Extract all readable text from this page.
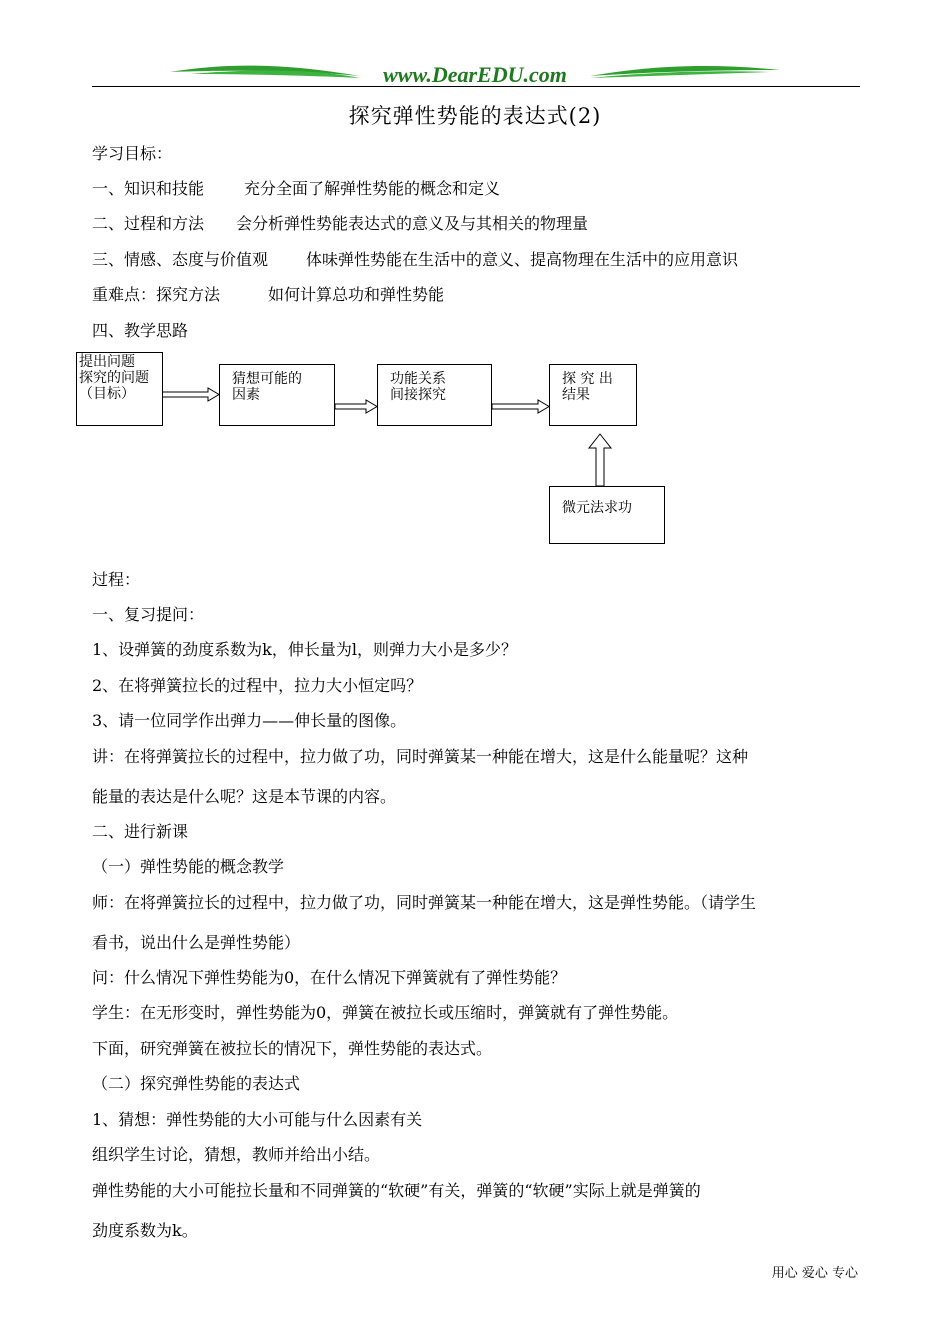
www.DearEDU.com
探究弹性势能的表达式(2)
学习目标：
一、知识和技能	充分全面了解弹性势能的概念和定义
二、过程和方法 会分析弹性势能表达式的意义及与其相关的物理量
三、情感、态度与价值观 体味弹性势能在生活中的意义、提高物理在生活中的应用意识
重难点：探究方法	如何计算总功和弹性势能
四、教学思路
提出问题
探究的问题
（目标）
猜想可能的
因素
功能关系
间接探究
探 究 出
结果
微元法求功
过程：
一、复习提问：
1、设弹簧的劲度系数为k，伸长量为l，则弹力大小是多少？
2、在将弹簧拉长的过程中，拉力大小恒定吗？
3、请一位同学作出弹力——伸长量的图像。
讲：在将弹簧拉长的过程中，拉力做了功，同时弹簧某一种能在增大，这是什么能量呢？这种
能量的表达是什么呢？这是本节课的内容。
二、进行新课
（一）弹性势能的概念教学
师：在将弹簧拉长的过程中，拉力做了功，同时弹簧某一种能在增大，这是弹性势能。（请学生
看书，说出什么是弹性势能）
问：什么情况下弹性势能为0，在什么情况下弹簧就有了弹性势能？
学生：在无形变时，弹性势能为0，弹簧在被拉长或压缩时，弹簧就有了弹性势能。
下面，研究弹簧在被拉长的情况下，弹性势能的表达式。
（二）探究弹性势能的表达式
1、猜想：弹性势能的大小可能与什么因素有关
组织学生讨论，猜想，教师并给出小结。
弹性势能的大小可能拉长量和不同弹簧的“软硬”有关，弹簧的“软硬”实际上就是弹簧的
劲度系数为k。
用心 爱心 专心
